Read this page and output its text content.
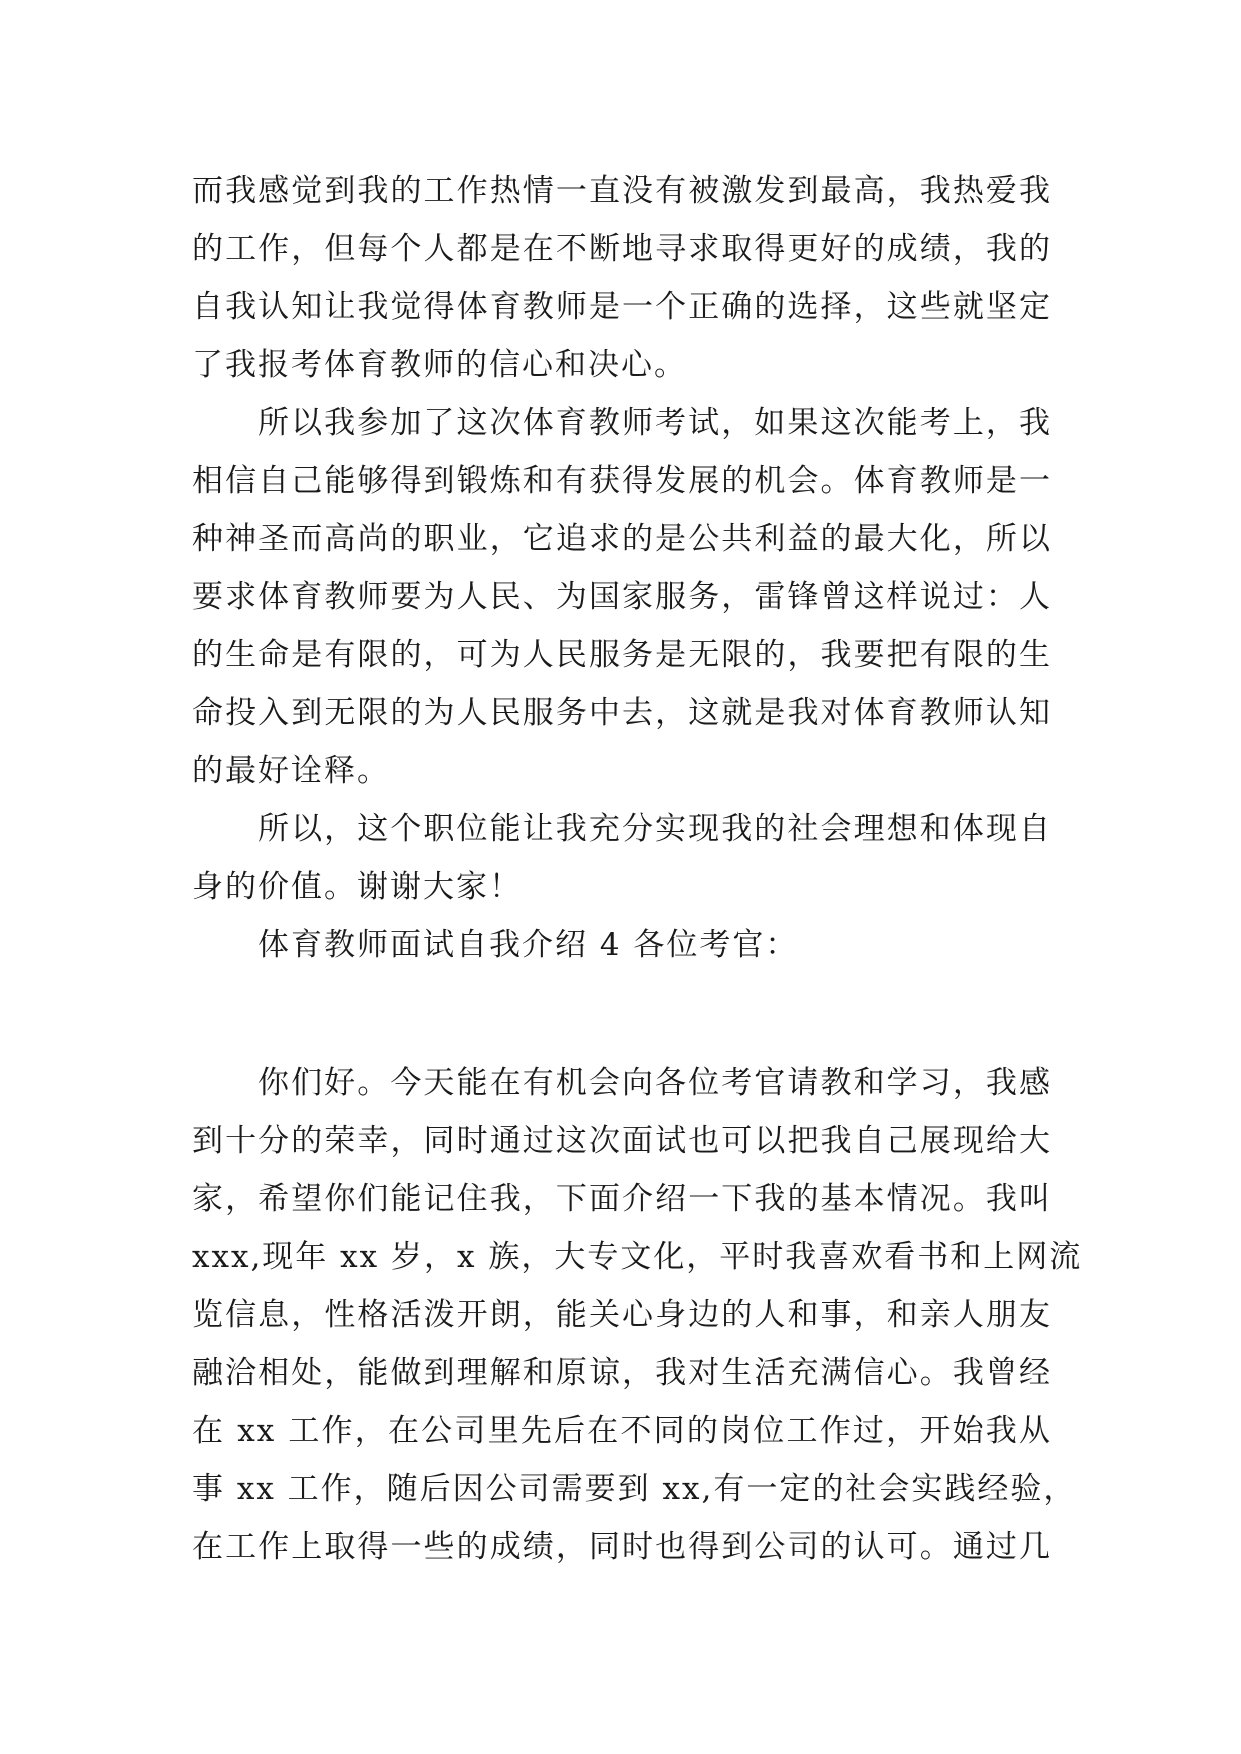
而我感觉到我的工作热情一直没有被激发到最高，我热爱我
的工作，但每个人都是在不断地寻求取得更好的成绩，我的
自我认知让我觉得体育教师是一个正确的选择，这些就坚定
了我报考体育教师的信心和决心。
所以我参加了这次体育教师考试，如果这次能考上，我
相信自己能够得到锻炼和有获得发展的机会。体育教师是一
种神圣而高尚的职业，它追求的是公共利益的最大化，所以
要求体育教师要为人民、为国家服务，雷锋曾这样说过：人
的生命是有限的，可为人民服务是无限的，我要把有限的生
命投入到无限的为人民服务中去，这就是我对体育教师认知
的最好诠释。
所以，这个职位能让我充分实现我的社会理想和体现自
身的价值。谢谢大家！
体育教师面试自我介绍 4 各位考官：
你们好。今天能在有机会向各位考官请教和学习，我感
到十分的荣幸，同时通过这次面试也可以把我自己展现给大
家，希望你们能记住我，下面介绍一下我的基本情况。我叫
xxx,现年 xx 岁，x 族，大专文化，平时我喜欢看书和上网流
览信息，性格活泼开朗，能关心身边的人和事，和亲人朋友
融洽相处，能做到理解和原谅，我对生活充满信心。我曾经
在 xx 工作，在公司里先后在不同的岗位工作过，开始我从
事 xx 工作，随后因公司需要到 xx,有一定的社会实践经验，
在工作上取得一些的成绩，同时也得到公司的认可。通过几
